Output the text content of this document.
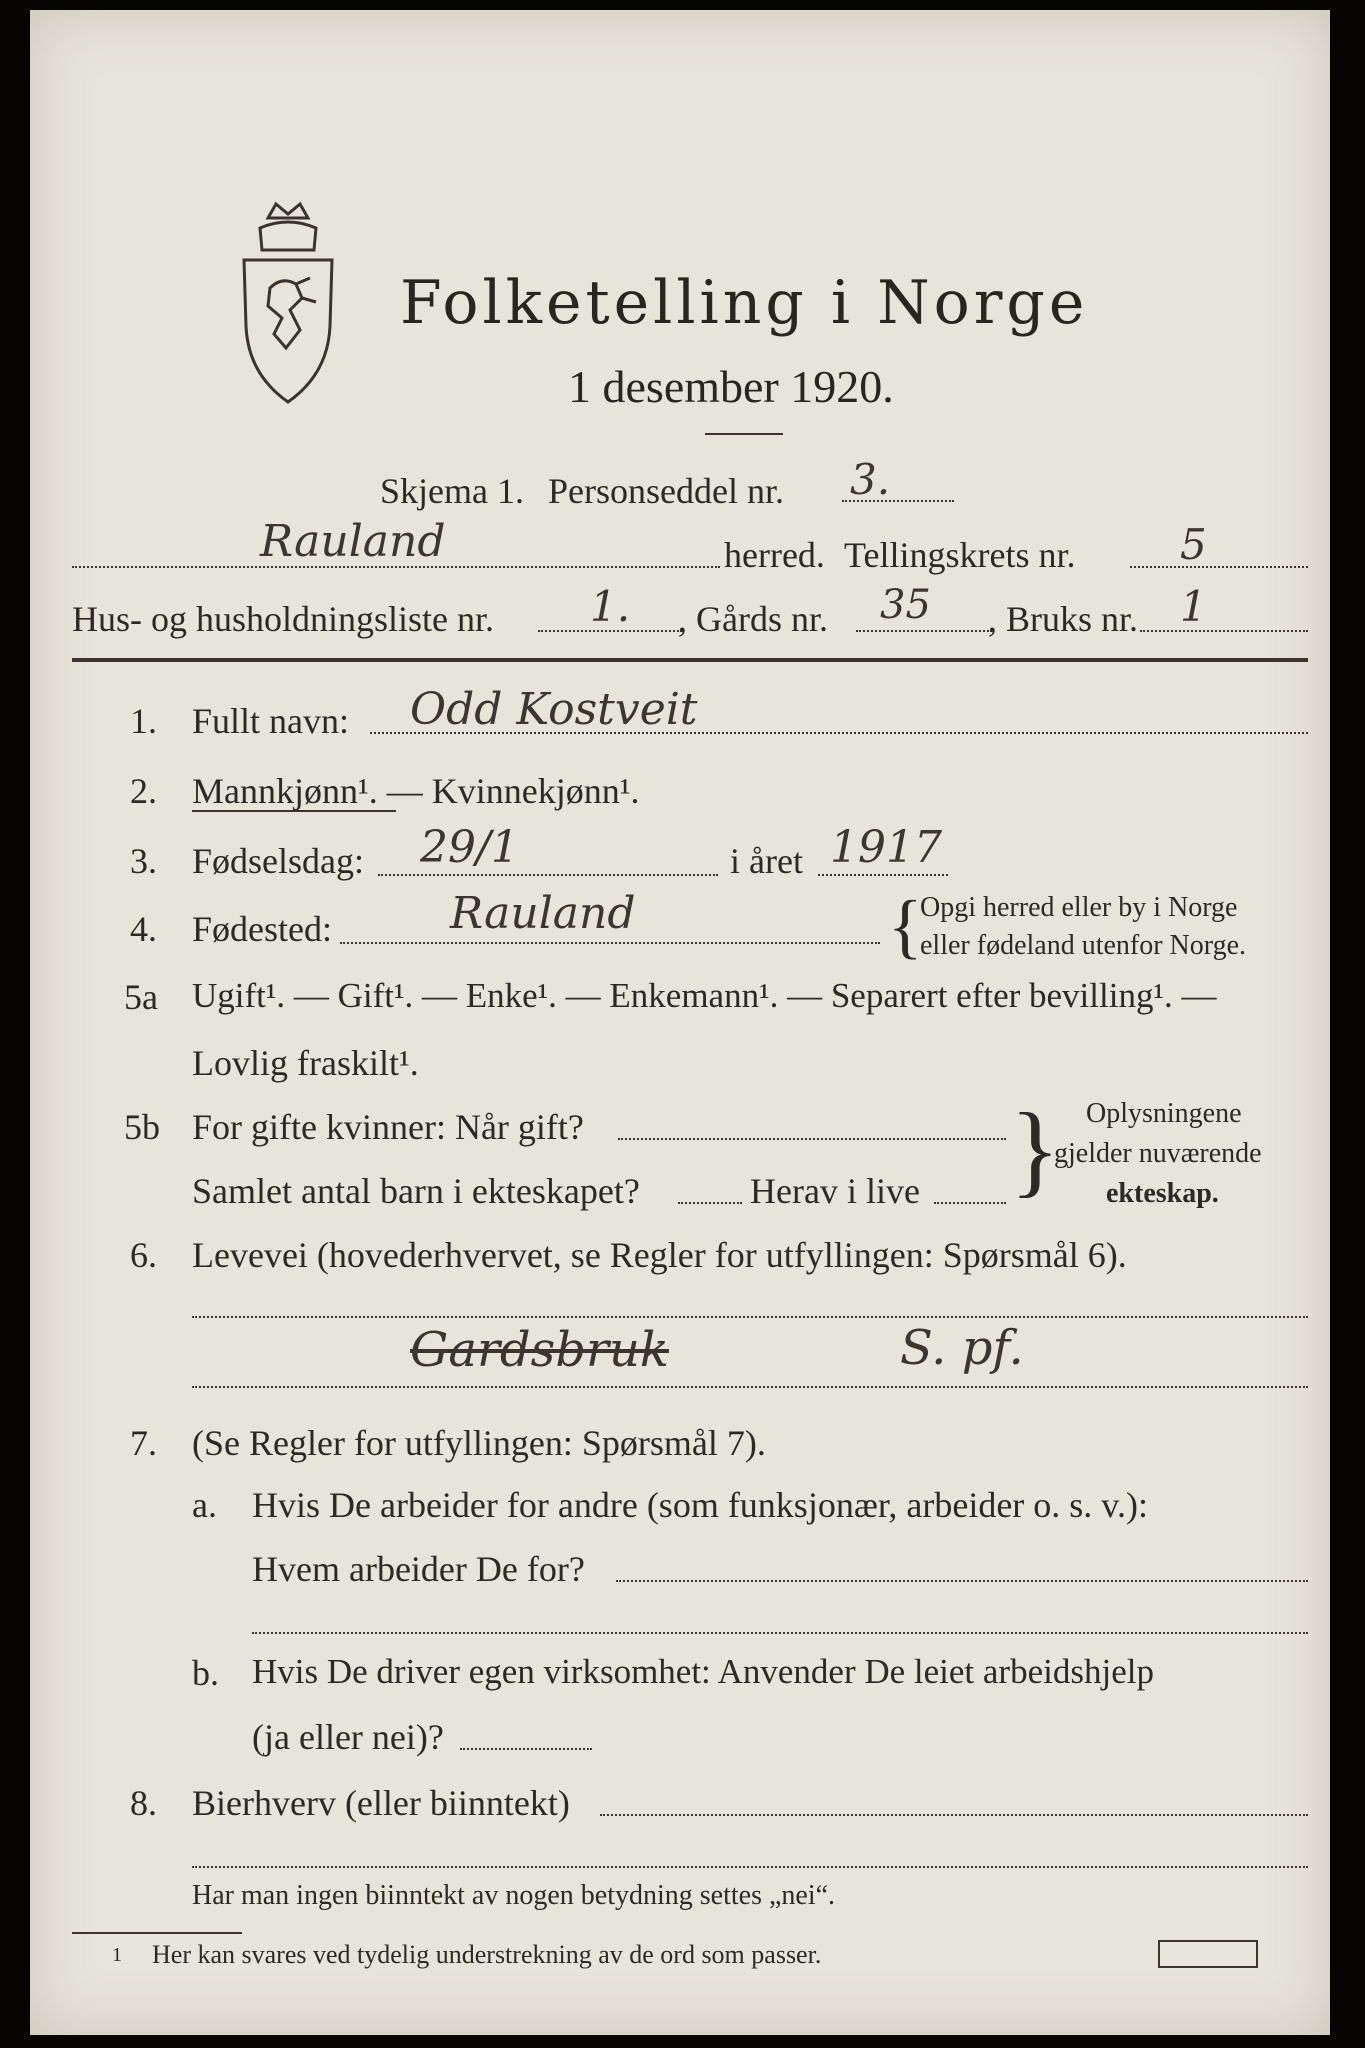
Folketelling i Norge
1 desember 1920.
Skjema 1. Personseddel nr. 3.
Rauland	herred. Tellingskrets nr. 5
Hus- og husholdningsliste nr. 1. , Gårds nr. 35 , Bruks nr. 1
1. Fullt navn: Odd Kostveit
2. Mannkjønn¹. — Kvinnekjønn¹.
3. Fødselsdag: 29/1	i året 1917
4. Fødested:	Rauland	{
Opgi herred eller by i Norge
eller fødeland utenfor Norge.
5a Ugift¹. — Gift¹. — Enke¹. — Enkemann¹. — Separert efter bevilling¹. —
Lovlig fraskilt¹.
5b For gifte kvinner: Når gift?
Samlet antal barn i ekteskapet?	Herav i live } Oplysningene
gjelder nuværende
ekteskap.
6. Levevei (hovederhvervet, se Regler for utfyllingen: Spørsmål 6).
Gardsbruk	S. pf.
7. (Se Regler for utfyllingen: Spørsmål 7).
a. Hvis De arbeider for andre (som funksjonær, arbeider o. s. v.):
Hvem arbeider De for?
b. Hvis De driver egen virksomhet: Anvender De leiet arbeidshjelp
(ja eller nei)?
8. Bierhverv (eller biinntekt)
Har man ingen biinntekt av nogen betydning settes „nei“.
1 Her kan svares ved tydelig understrekning av de ord som passer.
